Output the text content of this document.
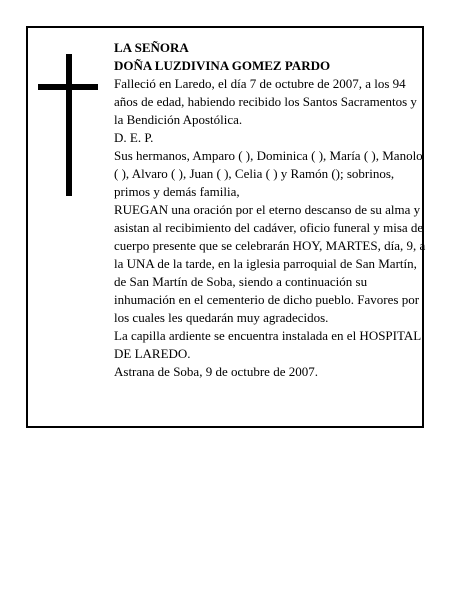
LA SEÑORA

DOÑA LUZDIVINA GOMEZ PARDO

Falleció en Laredo, el día 7 de octubre de 2007, a los 94 años de edad, habiendo recibido los Santos Sacramentos y la Bendición Apostólica.

D. E. P.

Sus hermanos, Amparo ( ), Dominica ( ), María ( ), Manolo ( ), Alvaro ( ), Juan ( ), Celia ( ) y Ramón (); sobrinos, primos y demás familia,

RUEGAN una oración por el eterno descanso de su alma y asistan al recibimiento del cadáver, oficio funeral y misa de cuerpo presente que se celebrarán HOY, MARTES, día, 9, a la UNA de la tarde, en la iglesia parroquial de San Martín, de San Martín de Soba, siendo a continuación su inhumación en el cementerio de dicho pueblo. Favores por los cuales les quedarán muy agradecidos.

La capilla ardiente se encuentra instalada en el HOSPITAL DE LAREDO.

Astrana de Soba, 9 de octubre de 2007.
